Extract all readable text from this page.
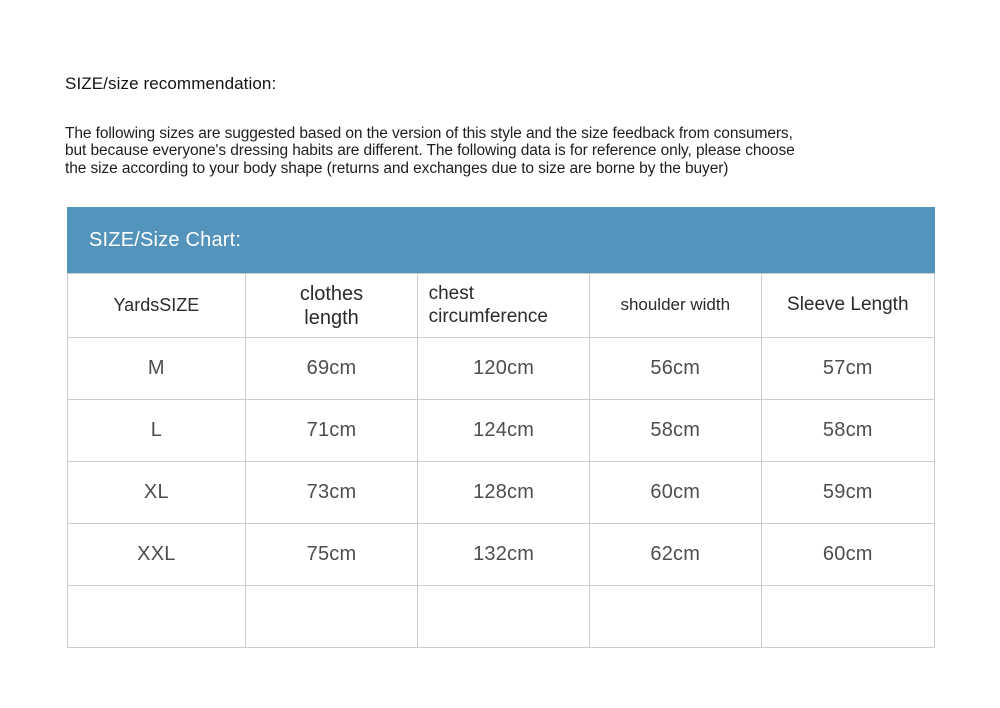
SIZE/size recommendation:
The following sizes are suggested based on the version of this style and the size feedback from consumers,
but because everyone's dressing habits are different. The following data is for reference only, please choose
the size according to your body shape (returns and exchanges due to size are borne by the buyer)
SIZE/Size Chart:
YardsSIZE	clothes length	chest circumference	shoulder width	Sleeve Length
M	69cm	120cm	56cm	57cm
L	71cm	124cm	58cm	58cm
XL	73cm	128cm	60cm	59cm
XXL	75cm	132cm	62cm	60cm
